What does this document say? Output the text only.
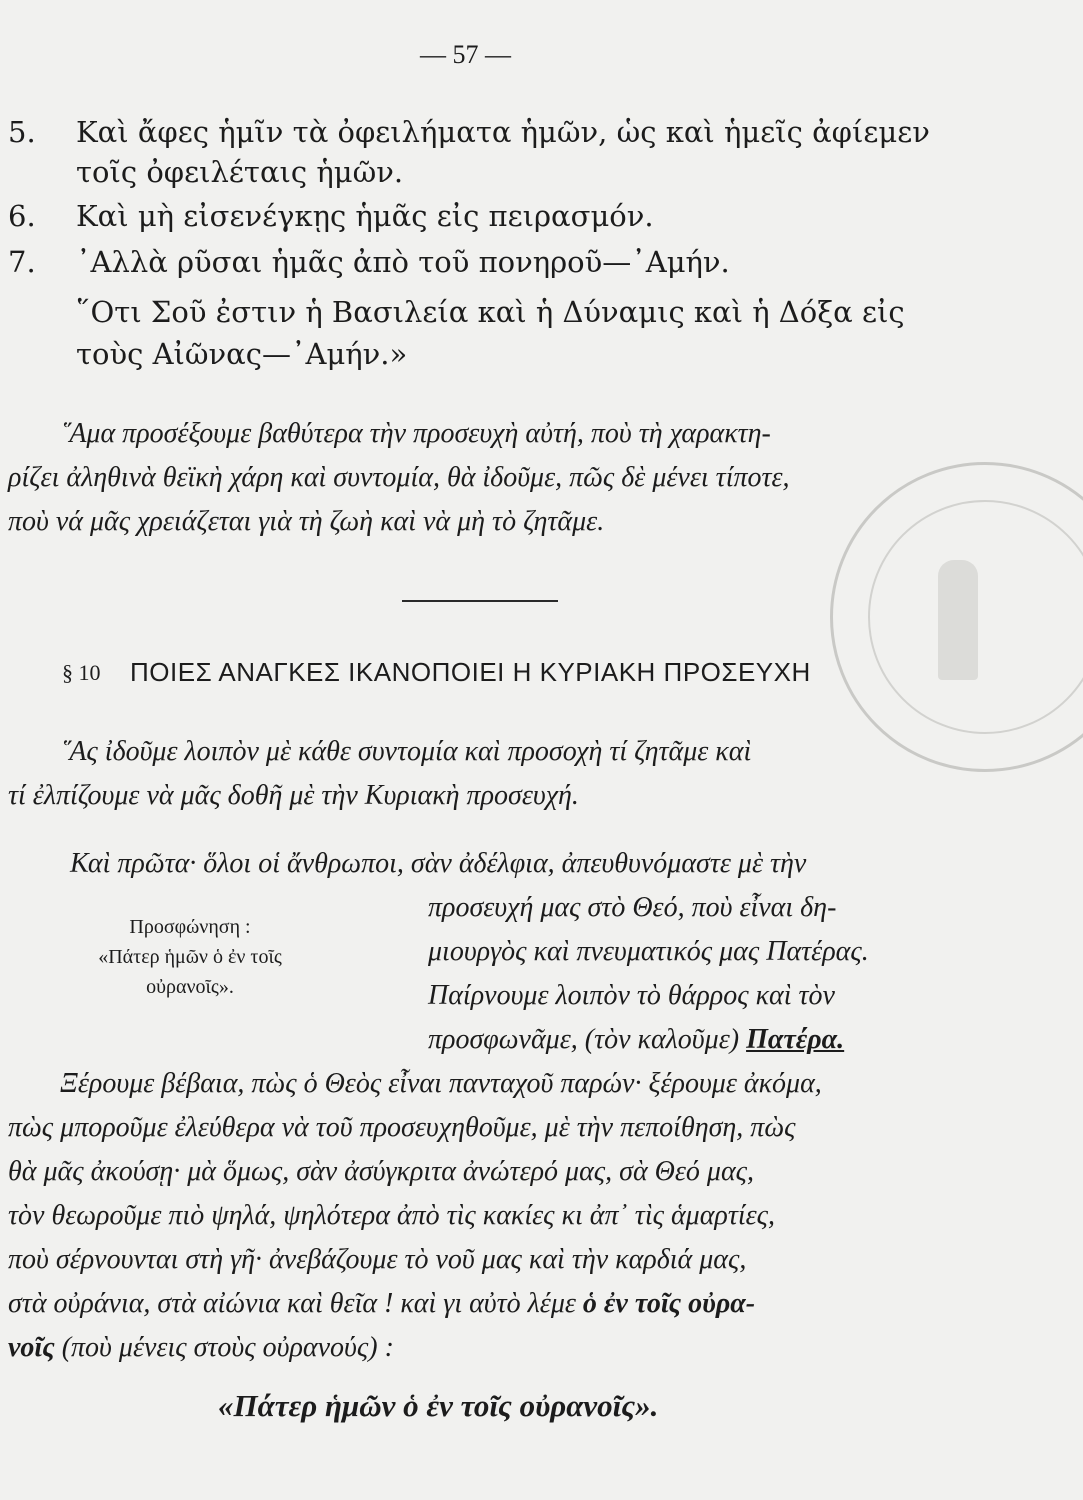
— 57 —
5. Καὶ ἄφες ἡμῖν τὰ ὀφειλήματα ἡμῶν, ὡς καὶ ἡμεῖς ἀφίεμεν
τοῖς ὀφειλέταις ἡμῶν.
6. Καὶ μὴ εἰσενέγκῃς ἡμᾶς εἰς πειρασμόν.
7. ᾿Αλλὰ ρῦσαι ἡμᾶς ἀπὸ τοῦ πονηροῦ—᾿Αμήν.
῞Οτι Σοῦ ἐστιν ἡ Βασιλεία καὶ ἡ Δύναμις καὶ ἡ Δόξα εἰς
τοὺς Αἰῶνας—᾿Αμήν.»
῞Αμα προσέξουμε βαθύτερα τὴν προσευχὴ αὐτή, ποὺ τὴ χαρακτη-
ρίζει ἀληθινὰ θεϊκὴ χάρη καὶ συντομία, θὰ ἰδοῦμε, πῶς δὲ μένει τίποτε,
ποὺ νά μᾶς χρειάζεται γιὰ τὴ ζωὴ καὶ νὰ μὴ τὸ ζητᾶμε.
§ 10 ΠΟΙΕΣ ΑΝΑΓΚΕΣ ΙΚΑΝΟΠΟΙΕΙ Η ΚΥΡΙΑΚΗ ΠΡΟΣΕΥΧΗ
῞Ας ἰδοῦμε λοιπὸν μὲ κάθε συντομία καὶ προσοχὴ τί ζητᾶμε καὶ
τί ἐλπίζουμε νὰ μᾶς δοθῆ μὲ τὴν Κυριακὴ προσευχή.
Καὶ πρῶτα· ὅλοι οἱ ἄνθρωποι, σὰν ἀδέλφια, ἀπευθυνόμαστε μὲ τὴν
προσευχή μας στὸ Θεό, ποὺ εἶναι δη-
μιουργὸς καὶ πνευματικός μας Πατέρας.
Παίρνουμε λοιπὸν τὸ θάρρος καὶ τὸν
προσφωνᾶμε, (τὸν καλοῦμε) Πατέρα.
Προσφώνηση :
«Πάτερ ἡμῶν ὁ ἐν τοῖς
οὐρανοῖς».
Ξέρουμε βέβαια, πὼς ὁ Θεὸς εἶναι πανταχοῦ παρών· ξέρουμε ἀκόμα,
πὼς μποροῦμε ἐλεύθερα νὰ τοῦ προσευχηθοῦμε, μὲ τὴν πεποίθηση, πὼς
θὰ μᾶς ἀκούσῃ· μὰ ὅμως, σὰν ἀσύγκριτα ἀνώτερό μας, σὰ Θεό μας,
τὸν θεωροῦμε πιὸ ψηλά, ψηλότερα ἀπὸ τὶς κακίες κι ἀπ᾿ τὶς ἁμαρτίες,
ποὺ σέρνουνται στὴ γῆ· ἀνεβάζουμε τὸ νοῦ μας καὶ τὴν καρδιά μας,
στὰ οὐράνια, στὰ αἰώνια καὶ θεῖα ! καὶ γι αὐτὸ λέμε ὁ ἐν τοῖς οὐρα-
νοῖς (ποὺ μένεις στοὺς οὐρανούς) :
«Πάτερ ἡμῶν ὁ ἐν τοῖς οὐρανοῖς».
